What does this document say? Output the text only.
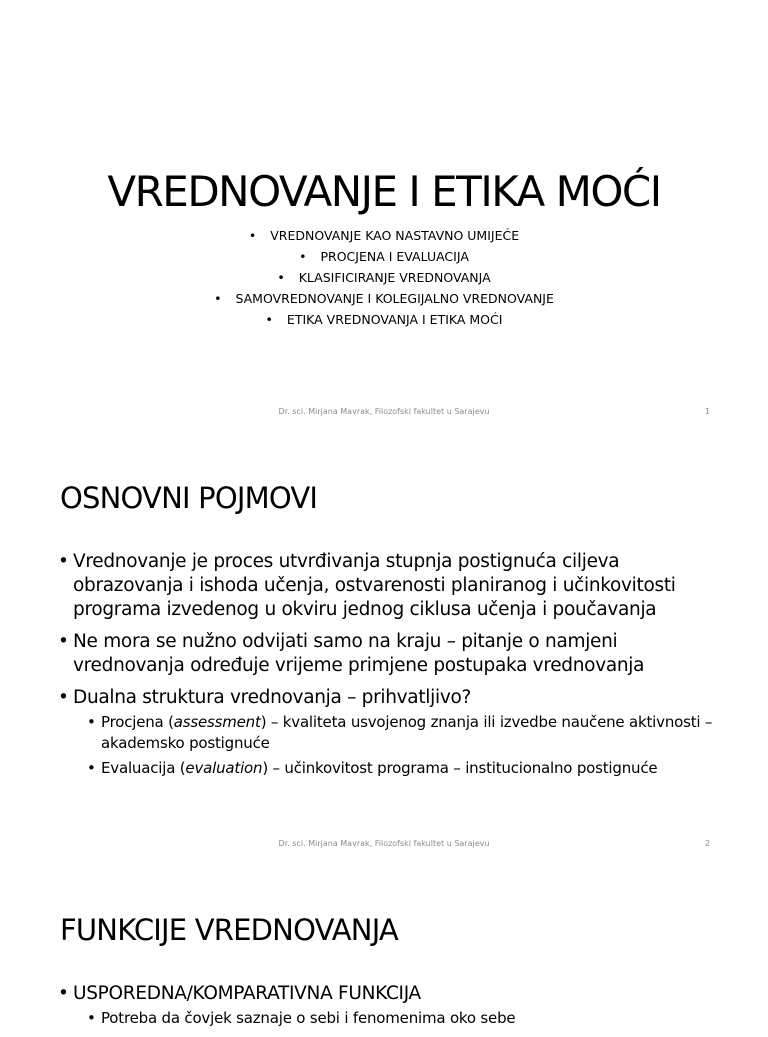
VREDNOVANJE I ETIKA MOĆI
• VREDNOVANJE KAO NASTAVNO UMIJEĆE
• PROCJENA I EVALUACIJA
• KLASIFICIRANJE VREDNOVANJA
• SAMOVREDNOVANJE I KOLEGIJALNO VREDNOVANJE
• ETIKA VREDNOVANJA I ETIKA MOĆI
Dr. sci. Mirjana Mavrak, Filozofski fakultet u Sarajevu	1
OSNOVNI POJMOVI
• Vrednovanje je proces utvrđivanja stupnja postignuća ciljeva obrazovanja i ishoda učenja, ostvarenosti planiranog i učinkovitosti programa izvedenog u okviru jednog ciklusa učenja i poučavanja
• Ne mora se nužno odvijati samo na kraju – pitanje o namjeni vrednovanja određuje vrijeme primjene postupaka vrednovanja
• Dualna struktura vrednovanja – prihvatljivo?
• Procjena (assessment) – kvaliteta usvojenog znanja ili izvedbe naučene aktivnosti – akademsko postignuće
• Evaluacija (evaluation) – učinkovitost programa – institucionalno postignuće
Dr. sci. Mirjana Mavrak, Filozofski fakultet u Sarajevu	2
FUNKCIJE VREDNOVANJA
• USPOREDNA/KOMPARATIVNA FUNKCIJA
• Potreba da čovjek saznaje o sebi i fenomenima oko sebe
